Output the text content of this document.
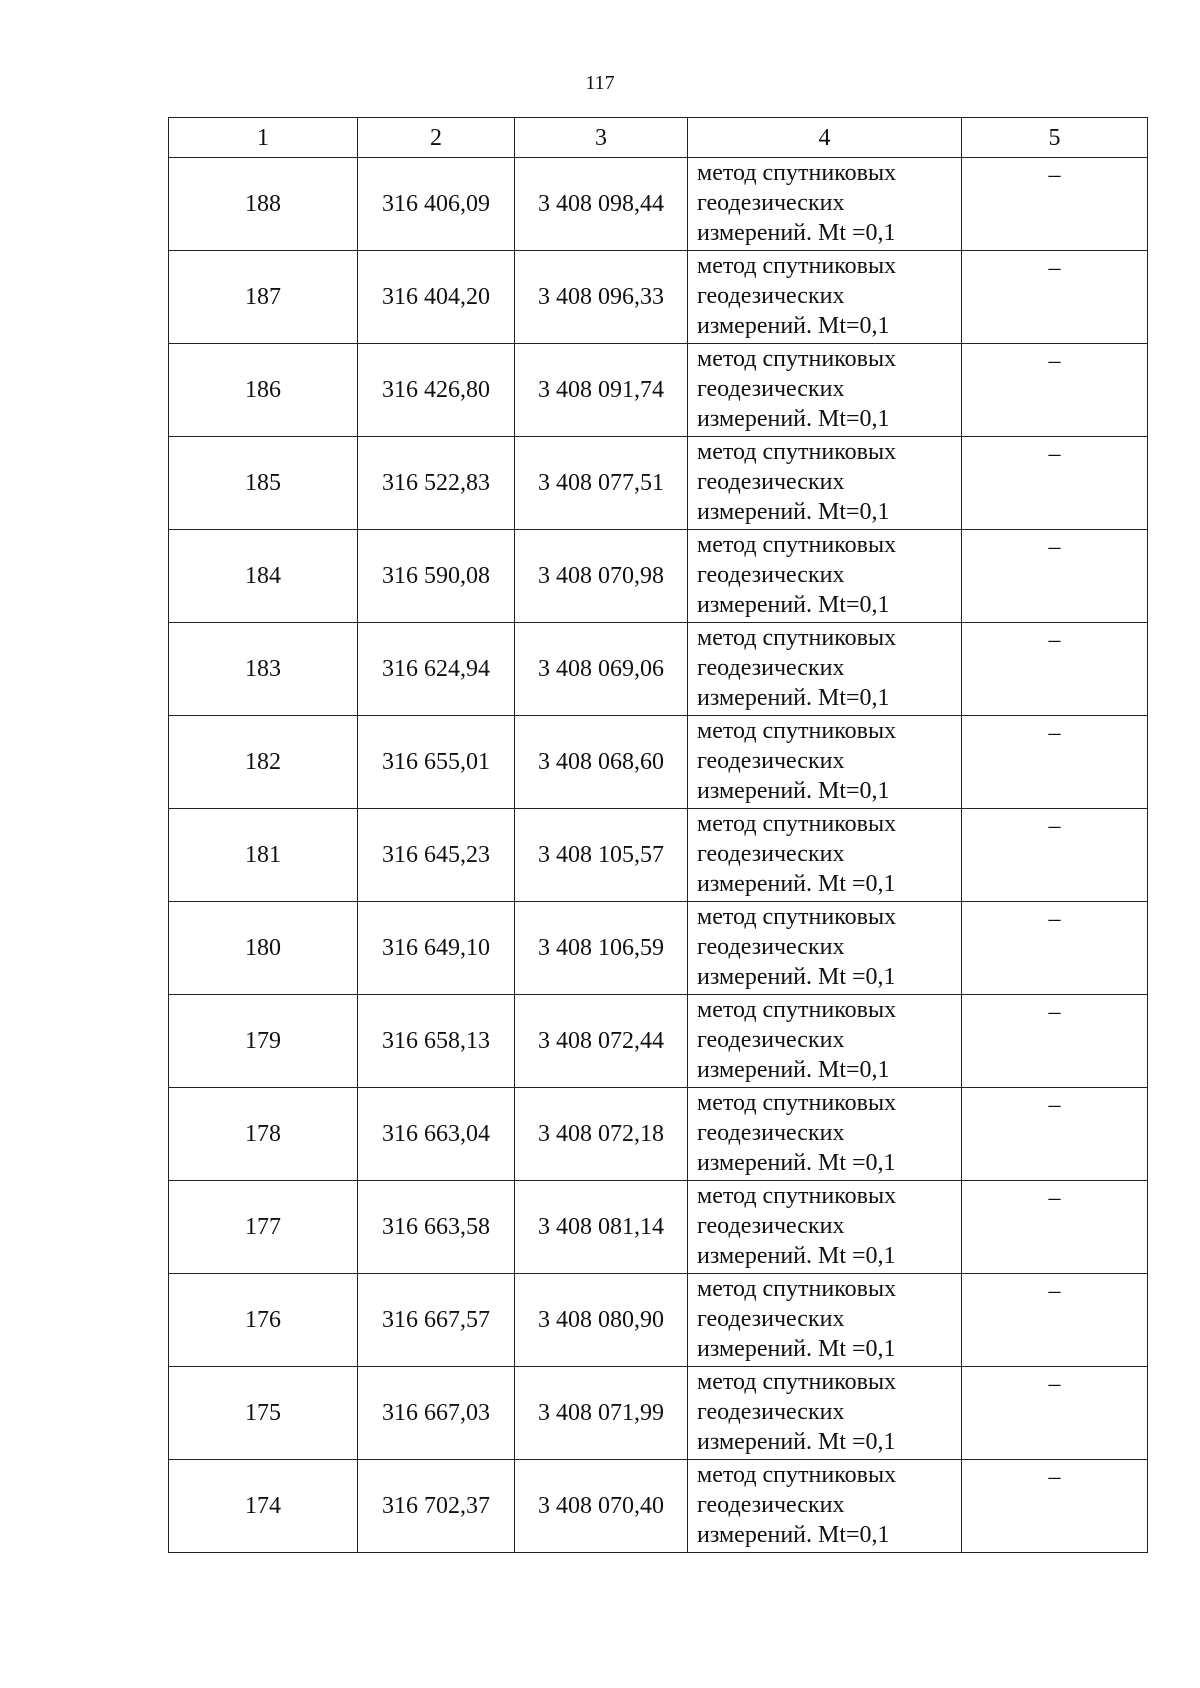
117
1	2	3	4	5
188	316 406,09	3 408 098,44	метод спутниковых
геодезических
измерений. Mt =0,1	–
187	316 404,20	3 408 096,33	метод спутниковых
геодезических
измерений. Mt=0,1	–
186	316 426,80	3 408 091,74	метод спутниковых
геодезических
измерений. Mt=0,1	–
185	316 522,83	3 408 077,51	метод спутниковых
геодезических
измерений. Mt=0,1	–
184	316 590,08	3 408 070,98	метод спутниковых
геодезических
измерений. Mt=0,1	–
183	316 624,94	3 408 069,06	метод спутниковых
геодезических
измерений. Mt=0,1	–
182	316 655,01	3 408 068,60	метод спутниковых
геодезических
измерений. Mt=0,1	–
181	316 645,23	3 408 105,57	метод спутниковых
геодезических
измерений. Mt =0,1	–
180	316 649,10	3 408 106,59	метод спутниковых
геодезических
измерений. Mt =0,1	–
179	316 658,13	3 408 072,44	метод спутниковых
геодезических
измерений. Mt=0,1	–
178	316 663,04	3 408 072,18	метод спутниковых
геодезических
измерений. Mt =0,1	–
177	316 663,58	3 408 081,14	метод спутниковых
геодезических
измерений. Mt =0,1	–
176	316 667,57	3 408 080,90	метод спутниковых
геодезических
измерений. Mt =0,1	–
175	316 667,03	3 408 071,99	метод спутниковых
геодезических
измерений. Mt =0,1	–
174	316 702,37	3 408 070,40	метод спутниковых
геодезических
измерений. Mt=0,1	–
